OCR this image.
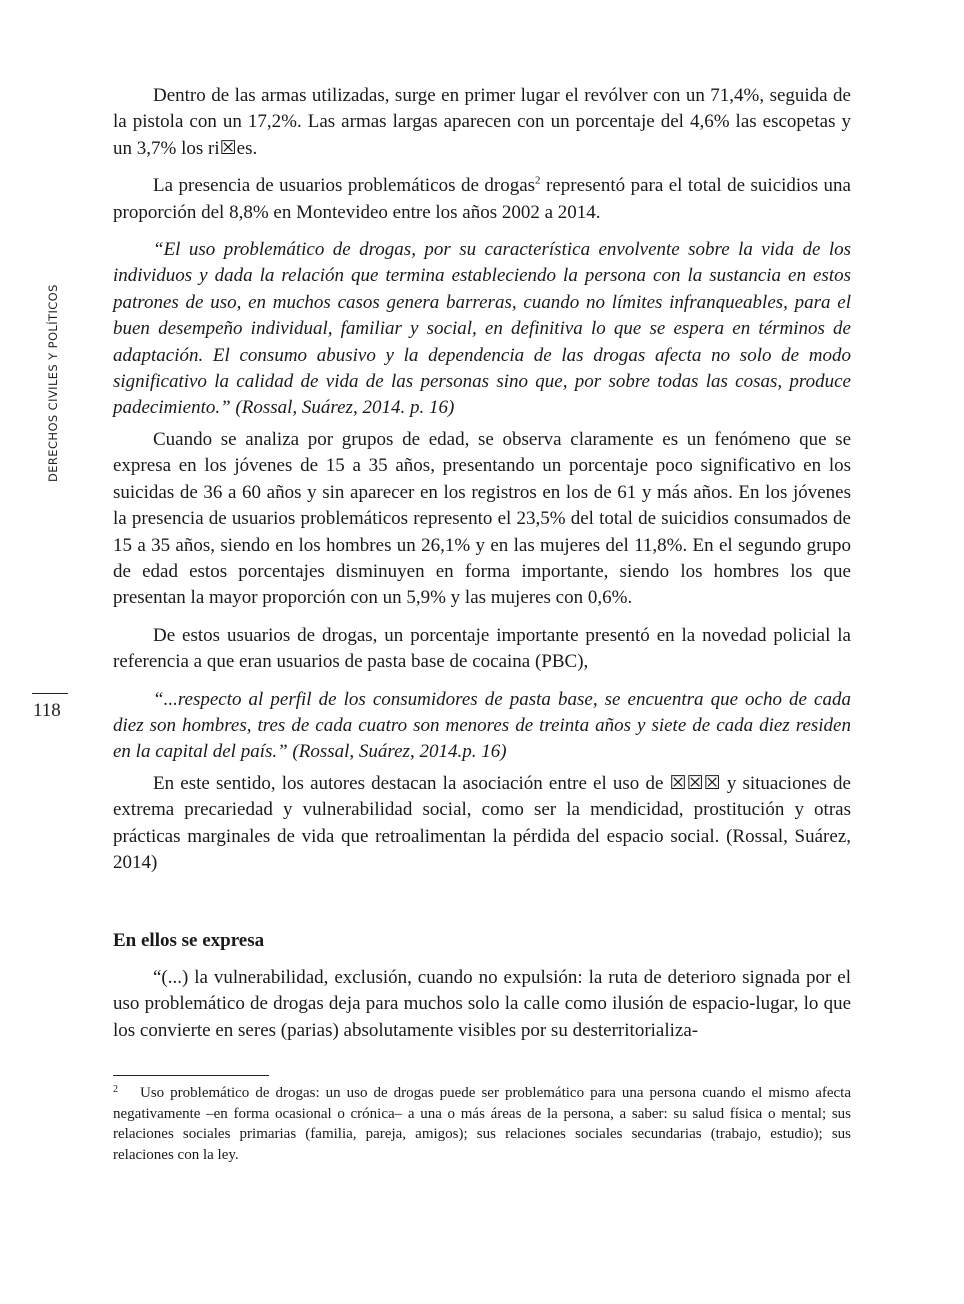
DERECHOS CIVILES Y POLÍTICOS
118

Dentro de las armas utilizadas, surge en primer lugar el revólver con un 71,4%, seguida de la pistola con un 17,2%. Las armas largas aparecen con un porcentaje del 4,6% las escopetas y un 3,7% los ri☒es.

La presencia de usuarios problemáticos de drogas$^2$ representó para el total de suicidios una proporción del 8,8% en Montevideo entre los años 2002 a 2014.

“El uso problemático de drogas, por su característica envolvente sobre la vida de los individuos y dada la relación que termina estableciendo la persona con la sustancia en estos patrones de uso, en muchos casos genera barreras, cuando no límites infranqueables, para el buen desempeño individual, familiar y social, en definitiva lo que se espera en términos de adaptación. El consumo abusivo y la dependencia de las drogas afecta no solo de modo significativo la calidad de vida de las personas sino que, por sobre todas las cosas, produce padecimiento.” (Rossal, Suárez, 2014. p. 16)

Cuando se analiza por grupos de edad, se observa claramente es un fenómeno que se expresa en los jóvenes de 15 a 35 años, presentando un porcentaje poco significativo en los suicidas de 36 a 60 años y sin aparecer en los registros en los de 61 y más años. En los jóvenes la presencia de usuarios problemáticos represento el 23,5% del total de suicidios consumados de 15 a 35 años, siendo en los hombres un 26,1% y en las mujeres del 11,8%. En el segundo grupo de edad estos porcentajes disminuyen en forma importante, siendo los hombres los que presentan la mayor proporción con un 5,9% y las mujeres con 0,6%.

De estos usuarios de drogas, un porcentaje importante presentó en la novedad policial la referencia a que eran usuarios de pasta base de cocaina (PBC),

“...respecto al perfil de los consumidores de pasta base, se encuentra que ocho de cada diez son hombres, tres de cada cuatro son menores de treinta años y siete de cada diez residen en la capital del país.” (Rossal, Suárez, 2014.p. 16)

En este sentido, los autores destacan la asociación entre el uso de ☒☒☒ y situaciones de extrema precariedad y vulnerabilidad social, como ser la mendicidad, prostitución y otras prácticas marginales de vida que retroalimentan la pérdida del espacio social. (Rossal, Suárez, 2014)

En ellos se expresa

“(...) la vulnerabilidad, exclusión, cuando no expulsión: la ruta de deterioro signada por el uso problemático de drogas deja para muchos solo la calle como ilusión de espacio-lugar, lo que los convierte en seres (parias) absolutamente visibles por su desterritorializa-

$^2$ Uso problemático de drogas: un uso de drogas puede ser problemático para una persona cuando el mismo afecta negativamente –en forma ocasional o crónica– a una o más áreas de la persona, a saber: su salud física o mental; sus relaciones sociales primarias (familia, pareja, amigos); sus relaciones sociales secundarias (trabajo, estudio); sus relaciones con la ley.
